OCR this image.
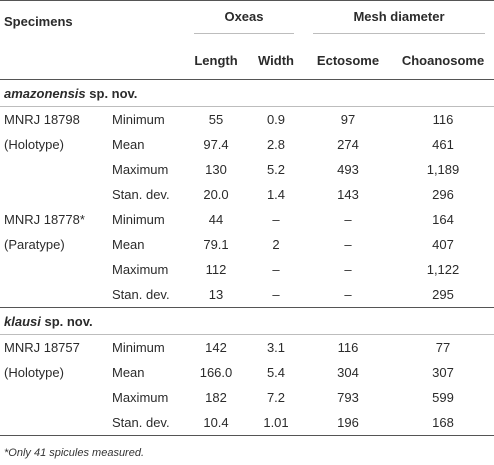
Specimens		Oxeas		Mesh diameter	
		Length	Width	Ectosome	Choanosome
amazonensis sp. nov.					
MNRJ 18798	Minimum	55	0.9	97	116
(Holotype)	Mean	97.4	2.8	274	461
	Maximum	130	5.2	493	1,189
	Stan. dev.	20.0	1.4	143	296
MNRJ 18778*	Minimum	44	–	–	164
(Paratype)	Mean	79.1	2	–	407
	Maximum	112	–	–	1,122
	Stan. dev.	13	–	–	295
klausi sp. nov.					
MNRJ 18757	Minimum	142	3.1	116	77
(Holotype)	Mean	166.0	5.4	304	307
	Maximum	182	7.2	793	599
	Stan. dev.	10.4	1.01	196	168
*Only 41 spicules measured.
